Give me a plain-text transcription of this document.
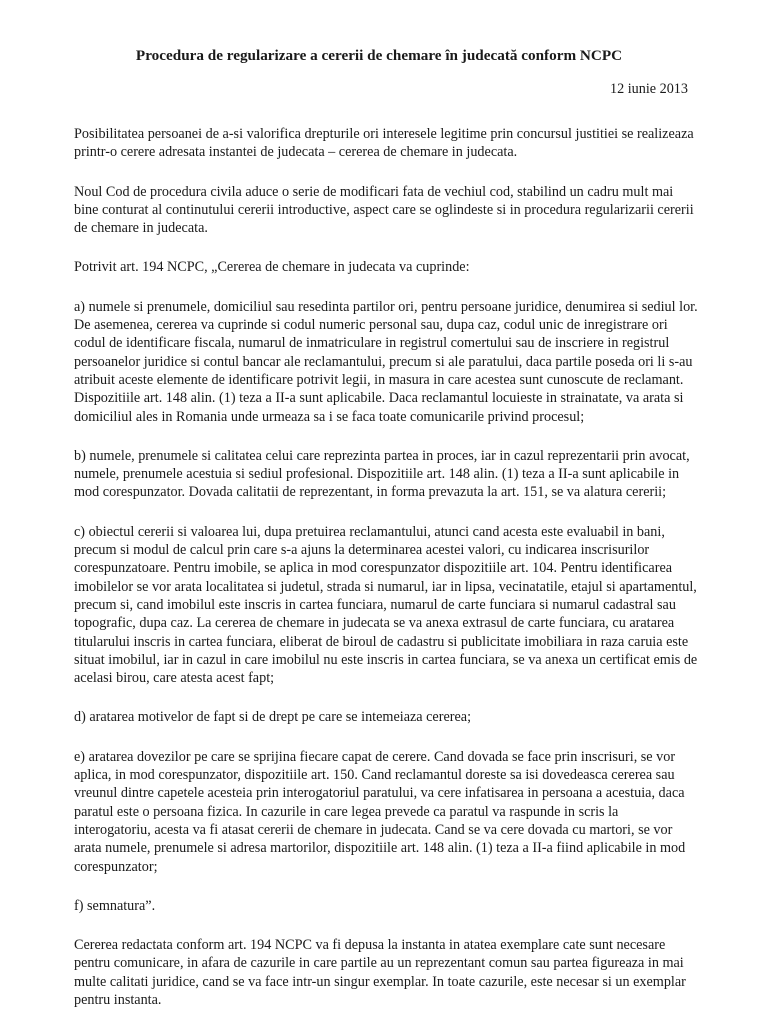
Procedura de regularizare a cererii de chemare în judecată conform NCPC
12 iunie 2013

Posibilitatea persoanei de a-si valorifica drepturile ori interesele legitime prin concursul justitiei se realizeaza printr-o cerere adresata instantei de judecata – cererea de chemare in judecata.

Noul Cod de procedura civila aduce o serie de modificari fata de vechiul cod, stabilind un cadru mult mai bine conturat al continutului cererii introductive, aspect care se oglindeste si in procedura regularizarii cererii de chemare in judecata.

Potrivit art. 194 NCPC, „Cererea de chemare in judecata va cuprinde:

a) numele si prenumele, domiciliul sau resedinta partilor ori, pentru persoane juridice, denumirea si sediul lor. De asemenea, cererea va cuprinde si codul numeric personal sau, dupa caz, codul unic de inregistrare ori codul de identificare fiscala, numarul de inmatriculare in registrul comertului sau de inscriere in registrul persoanelor juridice si contul bancar ale reclamantului, precum si ale paratului, daca partile poseda ori li s-au atribuit aceste elemente de identificare potrivit legii, in masura in care acestea sunt cunoscute de reclamant. Dispozitiile art. 148 alin. (1) teza a II-a sunt aplicabile. Daca reclamantul locuieste in strainatate, va arata si domiciliul ales in Romania unde urmeaza sa i se faca toate comunicarile privind procesul;

b) numele, prenumele si calitatea celui care reprezinta partea in proces, iar in cazul reprezentarii prin avocat, numele, prenumele acestuia si sediul profesional. Dispozitiile art. 148 alin. (1) teza a II-a sunt aplicabile in mod corespunzator. Dovada calitatii de reprezentant, in forma prevazuta la art. 151, se va alatura cererii;

c) obiectul cererii si valoarea lui, dupa pretuirea reclamantului, atunci cand acesta este evaluabil in bani, precum si modul de calcul prin care s-a ajuns la determinarea acestei valori, cu indicarea inscrisurilor corespunzatoare. Pentru imobile, se aplica in mod corespunzator dispozitiile art. 104. Pentru identificarea imobilelor se vor arata localitatea si judetul, strada si numarul, iar in lipsa, vecinatatile, etajul si apartamentul, precum si, cand imobilul este inscris in cartea funciara, numarul de carte funciara si numarul cadastral sau topografic, dupa caz. La cererea de chemare in judecata se va anexa extrasul de carte funciara, cu aratarea titularului inscris in cartea funciara, eliberat de biroul de cadastru si publicitate imobiliara in raza caruia este situat imobilul, iar in cazul in care imobilul nu este inscris in cartea funciara, se va anexa un certificat emis de acelasi birou, care atesta acest fapt;

d) aratarea motivelor de fapt si de drept pe care se intemeiaza cererea;

e) aratarea dovezilor pe care se sprijina fiecare capat de cerere. Cand dovada se face prin inscrisuri, se vor aplica, in mod corespunzator, dispozitiile art. 150. Cand reclamantul doreste sa isi dovedeasca cererea sau vreunul dintre capetele acesteia prin interogatoriul paratului, va cere infatisarea in persoana a acestuia, daca paratul este o persoana fizica. In cazurile in care legea prevede ca paratul va raspunde in scris la interogatoriu, acesta va fi atasat cererii de chemare in judecata. Cand se va cere dovada cu martori, se vor arata numele, prenumele si adresa martorilor, dispozitiile art. 148 alin. (1) teza a II-a fiind aplicabile in mod corespunzator;

f) semnatura”.

Cererea redactata conform art. 194 NCPC va fi depusa la instanta in atatea exemplare cate sunt necesare pentru comunicare, in afara de cazurile in care partile au un reprezentant comun sau partea figureaza in mai multe calitati juridice, cand se va face intr-un singur exemplar. In toate cazurile, este necesar si un exemplar pentru instanta.
